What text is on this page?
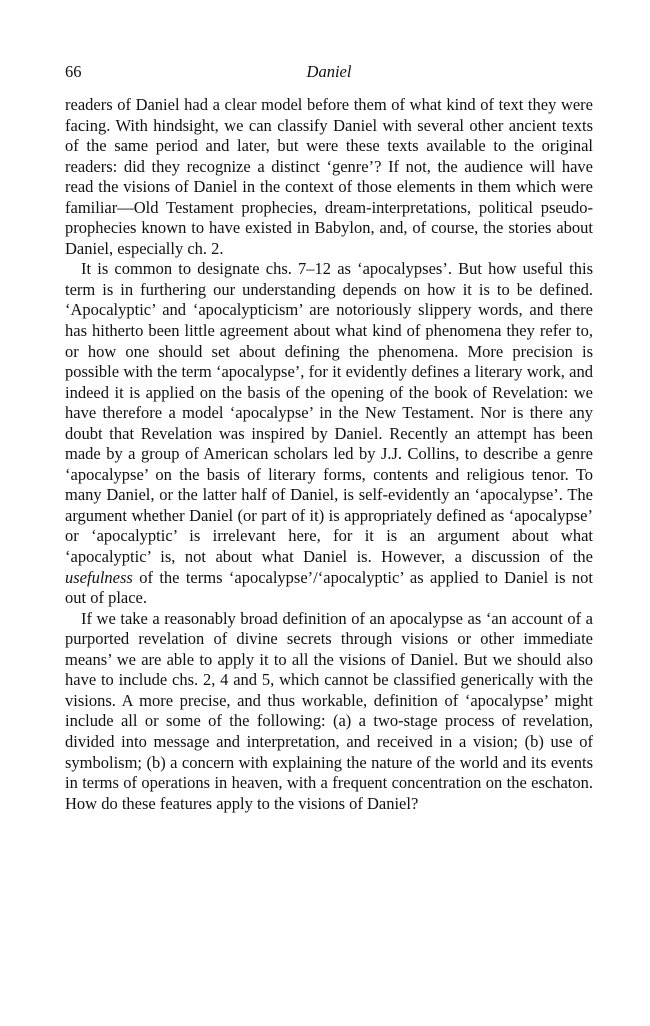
66	Daniel

readers of Daniel had a clear model before them of what kind of text they were facing. With hindsight, we can classify Daniel with several other ancient texts of the same period and later, but were these texts available to the original readers: did they recognize a distinct ‘genre’? If not, the audience will have read the visions of Daniel in the context of those elements in them which were familiar—Old Testament prophecies, dream-interpretations, political pseudo-prophecies known to have existed in Babylon, and, of course, the stories about Daniel, especially ch. 2.

It is common to designate chs. 7–12 as ‘apocalypses’. But how useful this term is in furthering our understanding depends on how it is to be defined. ‘Apocalyptic’ and ‘apocalypticism’ are notoriously slippery words, and there has hitherto been little agreement about what kind of phenomena they refer to, or how one should set about defining the phenomena. More precision is possible with the term ‘apocalypse’, for it evidently defines a literary work, and indeed it is applied on the basis of the opening of the book of Revelation: we have therefore a model ‘apocalypse’ in the New Testament. Nor is there any doubt that Revelation was inspired by Daniel. Recently an attempt has been made by a group of American scholars led by J.J. Collins, to describe a genre ‘apocalypse’ on the basis of literary forms, contents and religious tenor. To many Daniel, or the latter half of Daniel, is self-evidently an ‘apocalypse’. The argument whether Daniel (or part of it) is appropriately defined as ‘apocalypse’ or ‘apocalyptic’ is irrelevant here, for it is an argument about what ‘apocalyptic’ is, not about what Daniel is. However, a discussion of the usefulness of the terms ‘apocalypse’/‘apocalyptic’ as applied to Daniel is not out of place.

If we take a reasonably broad definition of an apocalypse as ‘an account of a purported revelation of divine secrets through visions or other immediate means’ we are able to apply it to all the visions of Daniel. But we should also have to include chs. 2, 4 and 5, which cannot be classified generically with the visions. A more precise, and thus workable, definition of ‘apocalypse’ might include all or some of the following: (a) a two-stage process of revelation, divided into message and interpretation, and received in a vision; (b) use of symbolism; (b) a concern with explaining the nature of the world and its events in terms of operations in heaven, with a frequent concentration on the eschaton. How do these features apply to the visions of Daniel?
